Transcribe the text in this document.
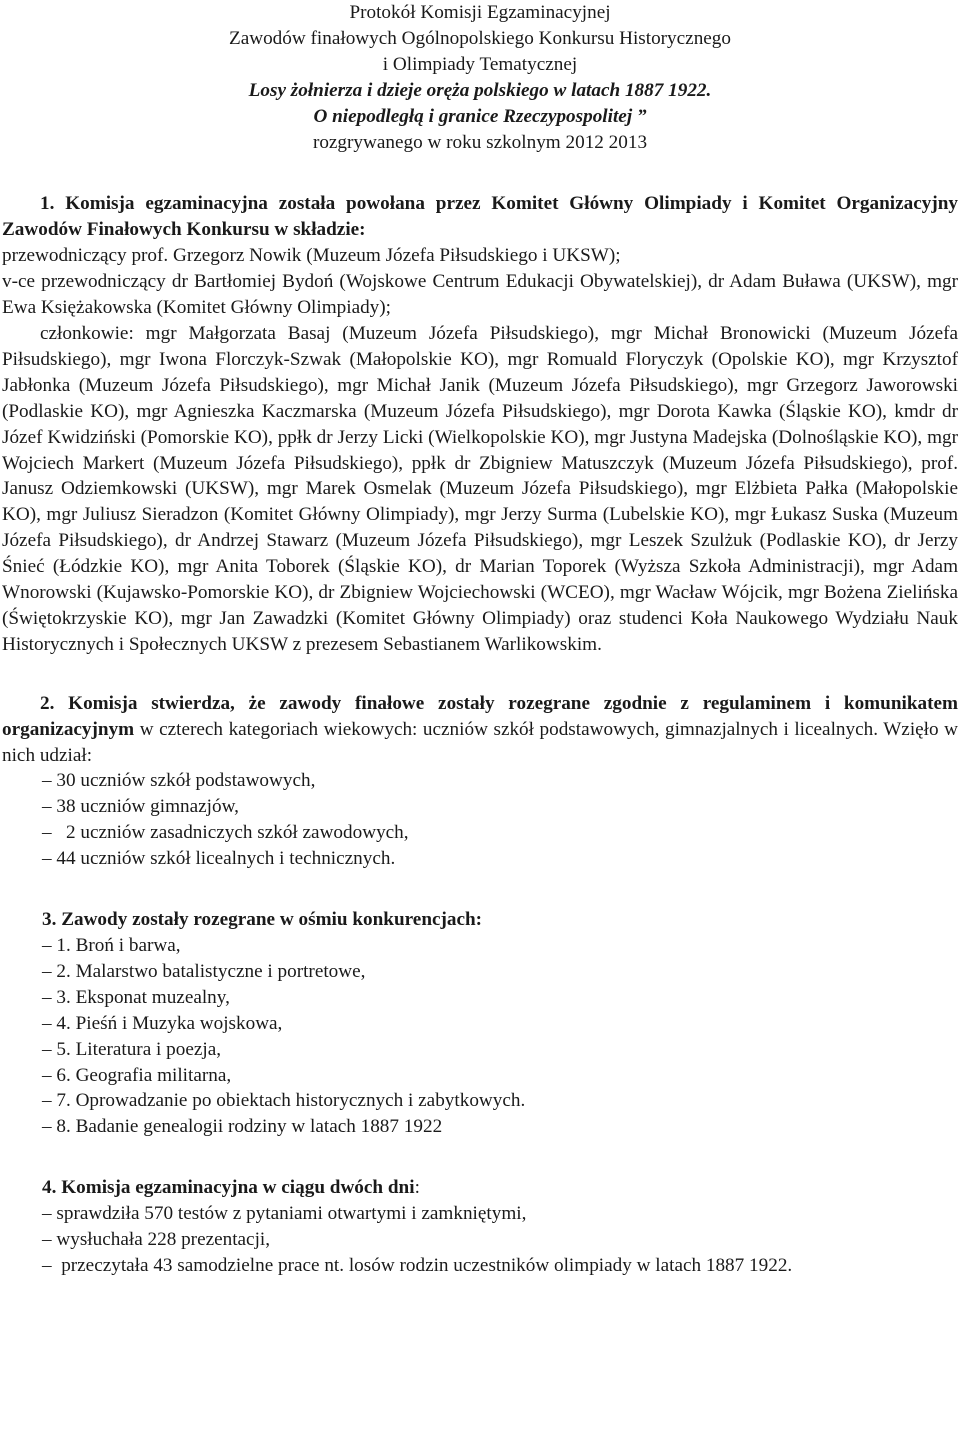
Protokół Komisji Egzaminacyjnej
Zawodów finałowych Ogólnopolskiego Konkursu Historycznego
i Olimpiady Tematycznej
Losy żołnierza i dzieje oręża polskiego w latach 1887 1922.
O niepodległą i granice Rzeczypospolitej ”
rozgrywanego w roku szkolnym 2012 2013
1. Komisja egzaminacyjna została powołana przez Komitet Główny Olimpiady i Komitet Organizacyjny Zawodów Finałowych Konkursu w składzie:
przewodniczący prof. Grzegorz Nowik (Muzeum Józefa Piłsudskiego i UKSW);
v-ce przewodniczący dr Bartłomiej Bydoń (Wojskowe Centrum Edukacji Obywatelskiej), dr Adam Buława (UKSW), mgr Ewa Księżakowska (Komitet Główny Olimpiady);
członkowie: mgr Małgorzata Basaj (Muzeum Józefa Piłsudskiego), mgr Michał Bronowicki (Muzeum Józefa Piłsudskiego), mgr Iwona Florczyk-Szwak (Małopolskie KO), mgr Romuald Floryczyk (Opolskie KO), mgr Krzysztof Jabłonka (Muzeum Józefa Piłsudskiego), mgr Michał Janik (Muzeum Józefa Piłsudskiego), mgr Grzegorz Jaworowski (Podlaskie KO), mgr Agnieszka Kaczmarska (Muzeum Józefa Piłsudskiego), mgr Dorota Kawka (Śląskie KO), kmdr dr Józef Kwidziński (Pomorskie KO), ppłk dr Jerzy Licki (Wielkopolskie KO), mgr Justyna Madejska (Dolnośląskie KO), mgr Wojciech Markert (Muzeum Józefa Piłsudskiego), ppłk dr Zbigniew Matuszczyk (Muzeum Józefa Piłsudskiego), prof. Janusz Odziemkowski (UKSW), mgr Marek Osmelak (Muzeum Józefa Piłsudskiego), mgr Elżbieta Pałka (Małopolskie KO), mgr Juliusz Sieradzon (Komitet Główny Olimpiady), mgr Jerzy Surma (Lubelskie KO), mgr Łukasz Suska (Muzeum Józefa Piłsudskiego), dr Andrzej Stawarz (Muzeum Józefa Piłsudskiego), mgr Leszek Szulżuk (Podlaskie KO), dr Jerzy Śnieć (Łódzkie KO), mgr Anita Toborek (Śląskie KO), dr Marian Toporek (Wyższa Szkoła Administracji), mgr Adam Wnorowski (Kujawsko-Pomorskie KO), dr Zbigniew Wojciechowski (WCEO), mgr Wacław Wójcik, mgr Bożena Zielińska (Świętokrzyskie KO), mgr Jan Zawadzki (Komitet Główny Olimpiady) oraz studenci Koła Naukowego Wydziału Nauk Historycznych i Społecznych UKSW z prezesem Sebastianem Warlikowskim.
2. Komisja stwierdza, że zawody finałowe zostały rozegrane zgodnie z regulaminem i komunikatem organizacyjnym w czterech kategoriach wiekowych: uczniów szkół podstawowych, gimnazjalnych i licealnych. Wzięło w nich udział:
– 30 uczniów szkół podstawowych,
– 38 uczniów gimnazjów,
– 2 uczniów zasadniczych szkół zawodowych,
– 44 uczniów szkół licealnych i technicznych.
3. Zawody zostały rozegrane w ośmiu konkurencjach:
– 1. Broń i barwa,
– 2. Malarstwo batalistyczne i portretowe,
– 3. Eksponat muzealny,
– 4. Pieśń i Muzyka wojskowa,
– 5. Literatura i poezja,
– 6. Geografia militarna,
– 7. Oprowadzanie po obiektach historycznych i zabytkowych.
– 8. Badanie genealogii rodziny w latach 1887 1922
4. Komisja egzaminacyjna w ciągu dwóch dni:
– sprawdziła 570 testów z pytaniami otwartymi i zamkniętymi,
– wysłuchała 228 prezentacji,
– przeczytała 43 samodzielne prace nt. losów rodzin uczestników olimpiady w latach 1887 1922.
